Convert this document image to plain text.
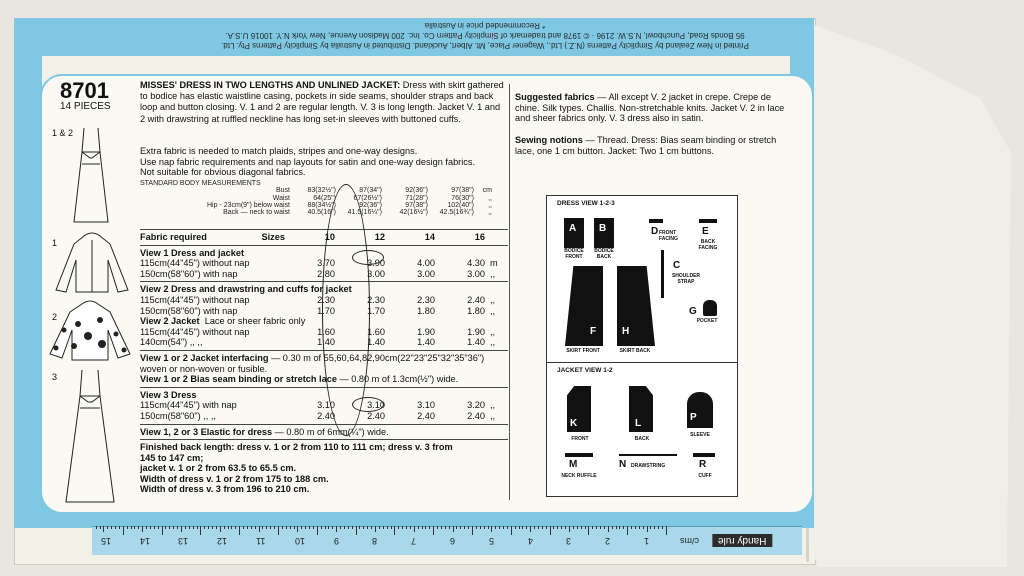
Printed in New Zealand by Simplicity Patterns (N.Z.) Ltd., Wagener Place, Mt. Albert, Auckland. Distributed in Australia by Simplicity Patterns Pty. Ltd.
95 Bonds Road, Punchbowl, N.S.W. 2196 · © 1978 and trademark of Simplicity Pattern Co. Inc. 200 Madison Avenue, New York N.Y. 10016 U.S.A.
* Recommended price in Australia
8701
14 PIECES
1 & 2
1
2
3
MISSES' DRESS IN TWO LENGTHS AND UNLINED JACKET: Dress with skirt gathered to bodice has elastic waistline casing, pockets in side seams, shoulder straps and back loop and button closing. V. 1 and 2 are regular length. V. 3 is long length. Jacket V. 1 and 2 with drawstring at ruffled neckline has long set-in sleeves with buttoned cuffs.
Extra fabric is needed to match plaids, stripes and one-way designs.
Use nap fabric requirements and nap layouts for satin and one-way design fabrics.
Not suitable for obvious diagonal fabrics.
STANDARD BODY MEASUREMENTS
Bust	83(32½")	87(34")	92(36")	97(38")	cm
Waist	64(25")	67(26½")	71(28")	76(30")	,,
Hip - 23cm(9") below waist	88(34½")	92(36")	97(38")	102(40")	,,
Back — neck to waist	40.5(16")	41.5(16¼")	42(16½")	42.5(16¾")	,,
Fabric required	Sizes	10	12	14	16
View 1 Dress and jacket
115cm(44"45") without nap	3.70	3.90	4.00	4.30 m
150cm(58"60") with nap	2.80	3.00	3.00	3.00 ,,
View 2 Dress and drawstring and cuffs for jacket
115cm(44"45") without nap	2.30	2.30	2.30	2.40 ,,
150cm(58"60") with nap	1.70	1.70	1.80	1.80 ,,
View 2 Jacket Lace or sheer fabric only
115cm(44"45") without nap	1.60	1.60	1.90	1.90 ,,
140cm(54") ,, ,,	1.40	1.40	1.40	1.40 ,,
View 1 or 2 Jacket interfacing — 0.30 m of 55,60,64,82,90cm(22"23"25"32"35"36")
woven or non-woven or fusible.
View 1 or 2 Bias seam binding or stretch lace — 0.80 m of 1.3cm(½") wide.
View 3 Dress
115cm(44"45") with nap	3.10	3.10	3.10	3.20 ,,
150cm(58"60") ,, ,,	2.40	2.40	2.40	2.40 ,,
View 1, 2 or 3 Elastic for dress — 0.80 m of 6mm(¼") wide.
Finished back length: dress v. 1 or 2 from 110 to 111 cm; dress v. 3 from
145 to 147 cm;
jacket v. 1 or 2 from 63.5 to 65.5 cm.
Width of dress v. 1 or 2 from 175 to 188 cm.
Width of dress v. 3 from 196 to 210 cm.
Suggested fabrics — All except V. 2 jacket in crepe. Crepe de chine. Silk types. Challis. Non-stretchable knits. Jacket V. 2 in lace and sheer fabrics only. V. 3 dress also in satin.
Sewing notions — Thread. Dress: Bias seam binding or stretch lace, one 1 cm button. Jacket: Two 1 cm buttons.
DRESS VIEW 1-2-3
A
BODICE FRONT
B
BODICE BACK
D FRONT FACING
E
BACK FACING
C
SHOULDER STRAP
G
POCKET
F
SKIRT FRONT
H
SKIRT BACK
JACKET VIEW 1-2
K
FRONT
L
BACK
P
SLEEVE
M
NECK RUFFLE
N DRAWSTRING	R
CUFF
Handy rule
c/ms
1
2
3
4
5
6
7
8
9
10
11
12
13
14
15
